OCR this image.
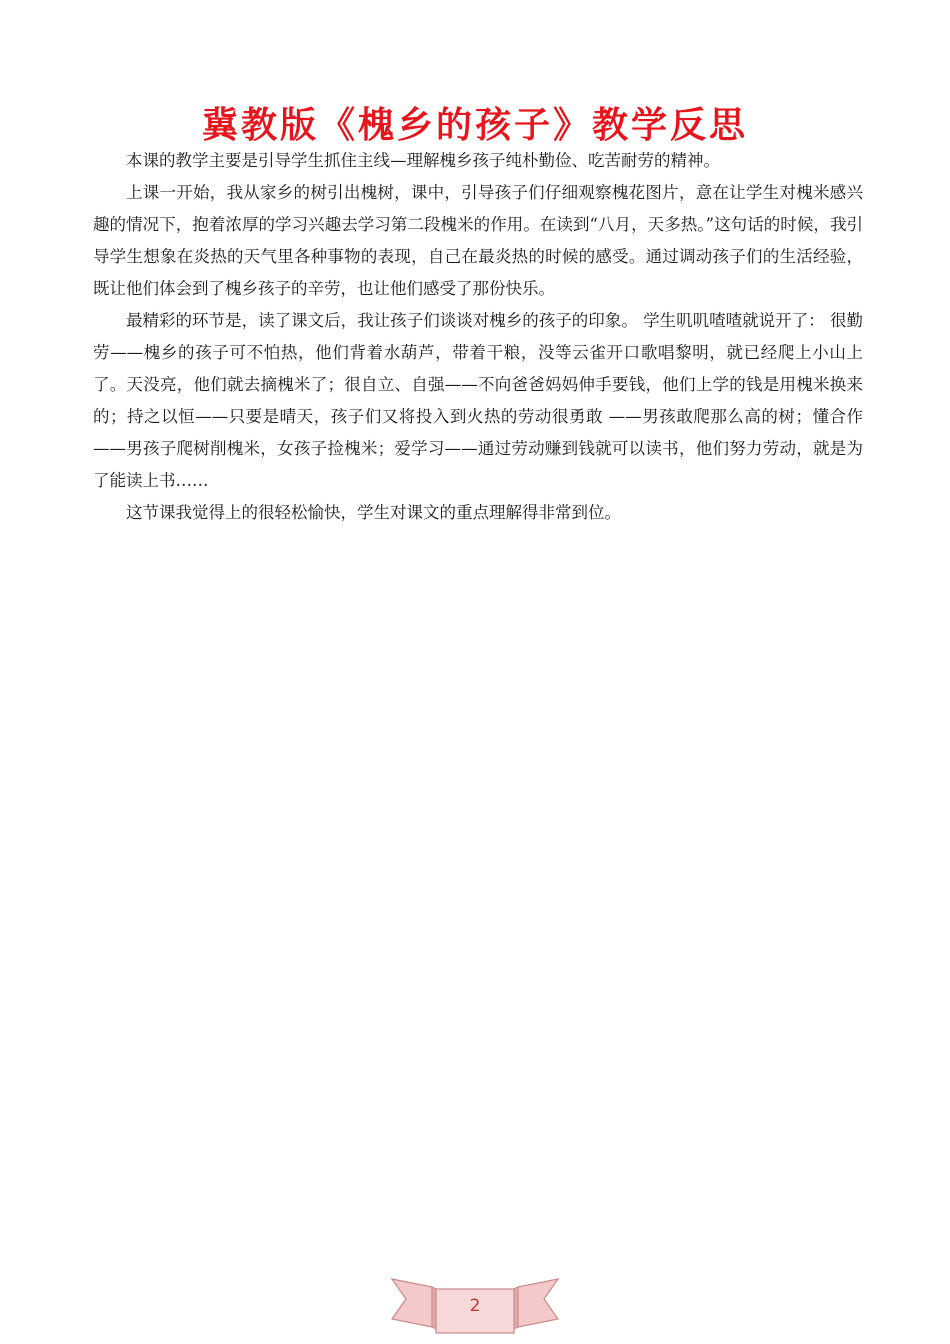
冀教版《槐乡的孩子》教学反思

本课的教学主要是引导学生抓住主线—理解槐乡孩子纯朴勤俭、吃苦耐劳的精神。

上课一开始，我从家乡的树引出槐树，课中，引导孩子们仔细观察槐花图片，意在让学生对槐米感兴趣的情况下，抱着浓厚的学习兴趣去学习第二段槐米的作用。在读到“八月，天多热。”这句话的时候，我引导学生想象在炎热的天气里各种事物的表现，自己在最炎热的时候的感受。通过调动孩子们的生活经验，既让他们体会到了槐乡孩子的辛劳，也让他们感受了那份快乐。

最精彩的环节是，读了课文后，我让孩子们谈谈对槐乡的孩子的印象。 学生叽叽喳喳就说开了： 很勤劳——槐乡的孩子可不怕热，他们背着水葫芦，带着干粮，没等云雀开口歌唱黎明，就已经爬上小山上了。天没亮，他们就去摘槐米了；很自立、自强——不向爸爸妈妈伸手要钱，他们上学的钱是用槐米换来的；持之以恒——只要是晴天，孩子们又将投入到火热的劳动很勇敢 ——男孩敢爬那么高的树；懂合作——男孩子爬树削槐米，女孩子捡槐米；爱学习——通过劳动赚到钱就可以读书，他们努力劳动，就是为了能读上书……

这节课我觉得上的很轻松愉快，学生对课文的重点理解得非常到位。

2
